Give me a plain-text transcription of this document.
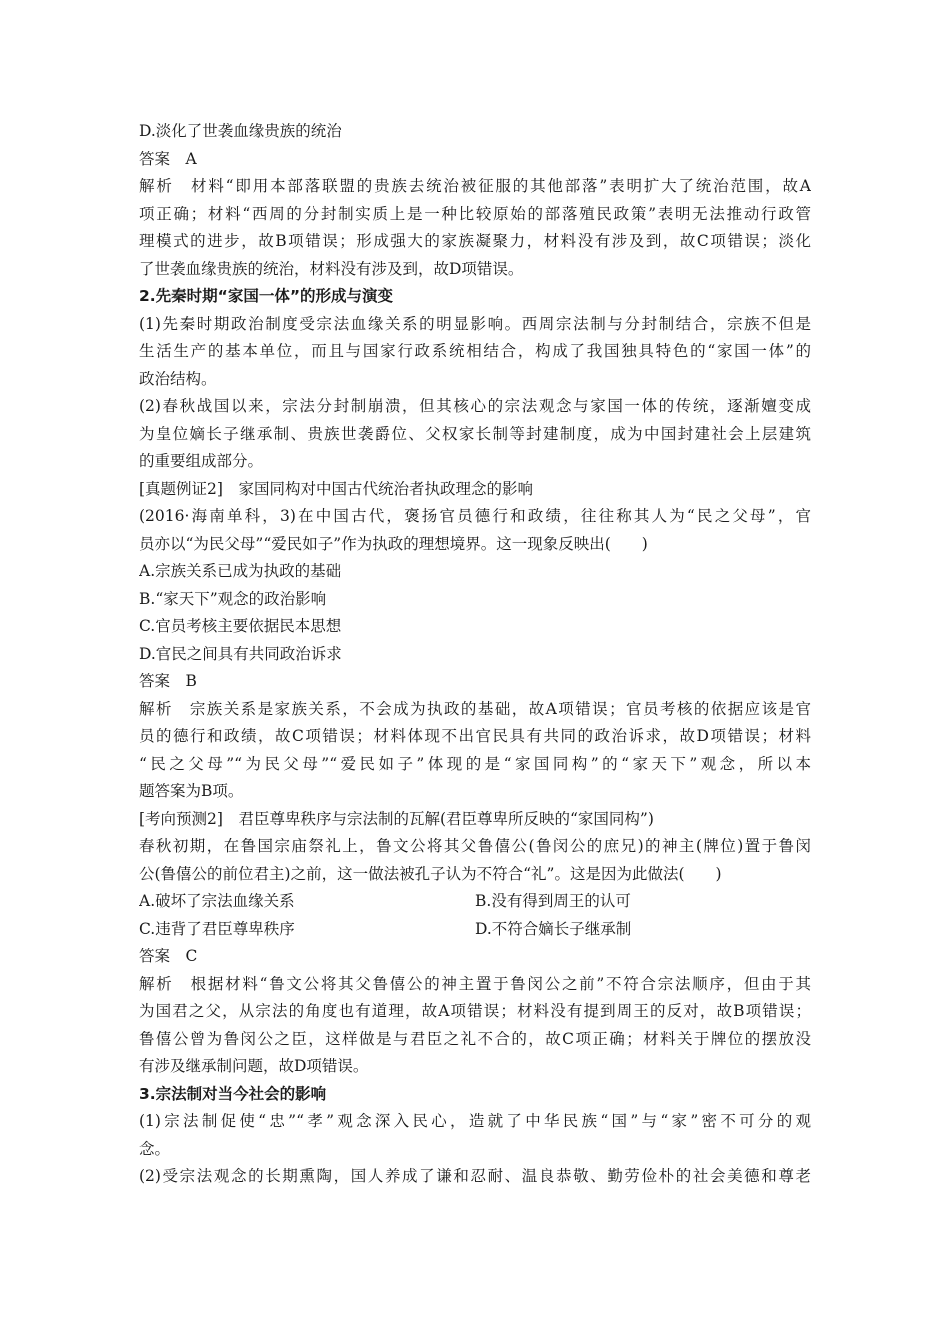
D.淡化了世袭血缘贵族的统治
答案　A
解析　材料“即用本部落联盟的贵族去统治被征服的其他部落”表明扩大了统治范围，故A
项正确；材料“西周的分封制实质上是一种比较原始的部落殖民政策”表明无法推动行政管
理模式的进步，故B项错误；形成强大的家族凝聚力，材料没有涉及到，故C项错误；淡化
了世袭血缘贵族的统治，材料没有涉及到，故D项错误。
2.先秦时期“家国一体”的形成与演变
(1)先秦时期政治制度受宗法血缘关系的明显影响。西周宗法制与分封制结合，宗族不但是
生活生产的基本单位，而且与国家行政系统相结合，构成了我国独具特色的“家国一体”的
政治结构。
(2)春秋战国以来，宗法分封制崩溃，但其核心的宗法观念与家国一体的传统，逐渐嬗变成
为皇位嫡长子继承制、贵族世袭爵位、父权家长制等封建制度，成为中国封建社会上层建筑
的重要组成部分。
[真题例证2]　家国同构对中国古代统治者执政理念的影响
(2016·海南单科，3)在中国古代，褒扬官员德行和政绩，往往称其人为“民之父母”，官
员亦以“为民父母”“爱民如子”作为执政的理想境界。这一现象反映出(　　)
A.宗族关系已成为执政的基础
B.“家天下”观念的政治影响
C.官员考核主要依据民本思想
D.官民之间具有共同政治诉求
答案　B
解析　宗族关系是家族关系，不会成为执政的基础，故A项错误；官员考核的依据应该是官
员的德行和政绩，故C项错误；材料体现不出官民具有共同的政治诉求，故D项错误；材料
“民之父母”“为民父母”“爱民如子”体现的是“家国同构”的“家天下”观念，所以本
题答案为B项。
[考向预测2]　君臣尊卑秩序与宗法制的瓦解(君臣尊卑所反映的“家国同构”)
春秋初期，在鲁国宗庙祭礼上，鲁文公将其父鲁僖公(鲁闵公的庶兄)的神主(牌位)置于鲁闵
公(鲁僖公的前位君主)之前，这一做法被孔子认为不符合“礼”。这是因为此做法(　　)
A.破坏了宗法血缘关系	B.没有得到周王的认可
C.违背了君臣尊卑秩序	D.不符合嫡长子继承制
答案　C
解析　根据材料“鲁文公将其父鲁僖公的神主置于鲁闵公之前”不符合宗法顺序，但由于其
为国君之父，从宗法的角度也有道理，故A项错误；材料没有提到周王的反对，故B项错误；
鲁僖公曾为鲁闵公之臣，这样做是与君臣之礼不合的，故C项正确；材料关于牌位的摆放没
有涉及继承制问题，故D项错误。
3.宗法制对当今社会的影响
(1)宗法制促使“忠”“孝”观念深入民心，造就了中华民族“国”与“家”密不可分的观
念。
(2)受宗法观念的长期熏陶，国人养成了谦和忍耐、温良恭敬、勤劳俭朴的社会美德和尊老
